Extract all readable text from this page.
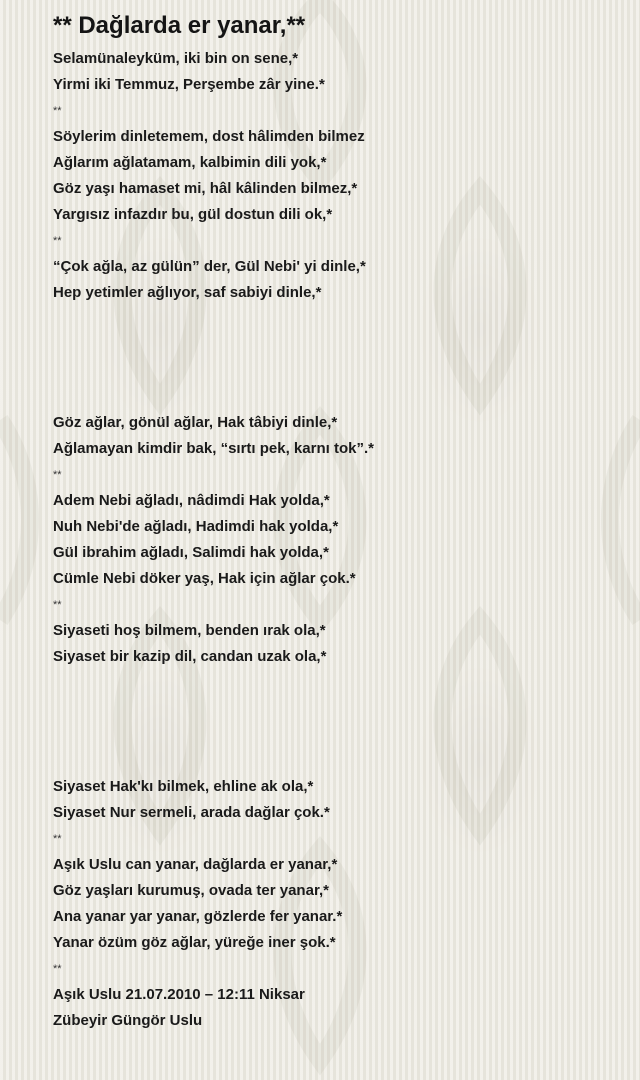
** Dağlarda er yanar,**
Selamünaleyküm, iki bin on sene,*
Yirmi iki Temmuz, Perşembe zâr yine.*
**
Söylerim dinletemem, dost hâlimden bilmez
Ağlarım ağlatamam, kalbimin dili yok,*
Göz yaşı hamaset mi, hâl kâlinden bilmez,*
Yargısız infazdır bu, gül dostun dili ok,*
**
“Çok ağla, az gülün” der, Gül Nebi' yi dinle,*
Hep yetimler ağlıyor, saf sabiyi dinle,*
Göz ağlar, gönül ağlar, Hak tâbiyi dinle,*
Ağlamayan kimdir bak, “sırtı pek, karnı tok”.*
**
Adem Nebi ağladı, nâdimdi Hak yolda,*
Nuh Nebi'de ağladı, Hadimdi hak yolda,*
Gül ibrahim ağladı, Salimdi hak yolda,*
Cümle Nebi döker yaş, Hak için ağlar çok.*
**
Siyaseti hoş bilmem, benden ırak ola,*
Siyaset bir kazip dil, candan uzak ola,*
Siyaset Hak'kı bilmek, ehline ak ola,*
Siyaset Nur sermeli, arada dağlar çok.*
**
Aşık Uslu can yanar, dağlarda er yanar,*
Göz yaşları kurumuş, ovada ter yanar,*
Ana yanar yar yanar, gözlerde fer yanar.*
Yanar özüm göz ağlar, yüreğe iner şok.*
**
Aşık Uslu 21.07.2010 – 12:11 Niksar
Zübeyir Güngör Uslu
